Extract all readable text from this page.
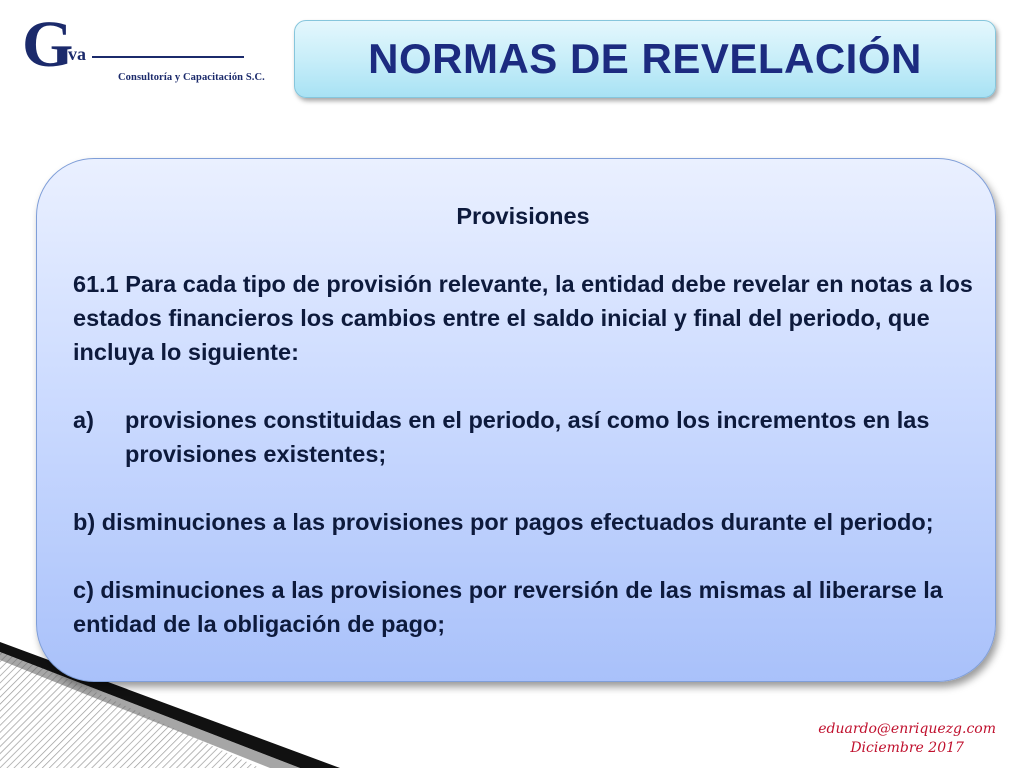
G
va
Consultoría y Capacitación S.C. NORMAS DE REVELACIÓN
Provisiones
61.1 Para cada tipo de provisión relevante, la entidad debe revelar en notas a los estados financieros los cambios entre el saldo inicial y final del periodo, que incluya lo siguiente:
a)	provisiones constituidas en el periodo, así como los incrementos en las provisiones existentes;
b) disminuciones a las provisiones por pagos efectuados durante el periodo;
c) disminuciones a las provisiones por reversión de las mismas al liberarse la entidad de la obligación de pago;
eduardo@enriquezg.com
Diciembre 2017
